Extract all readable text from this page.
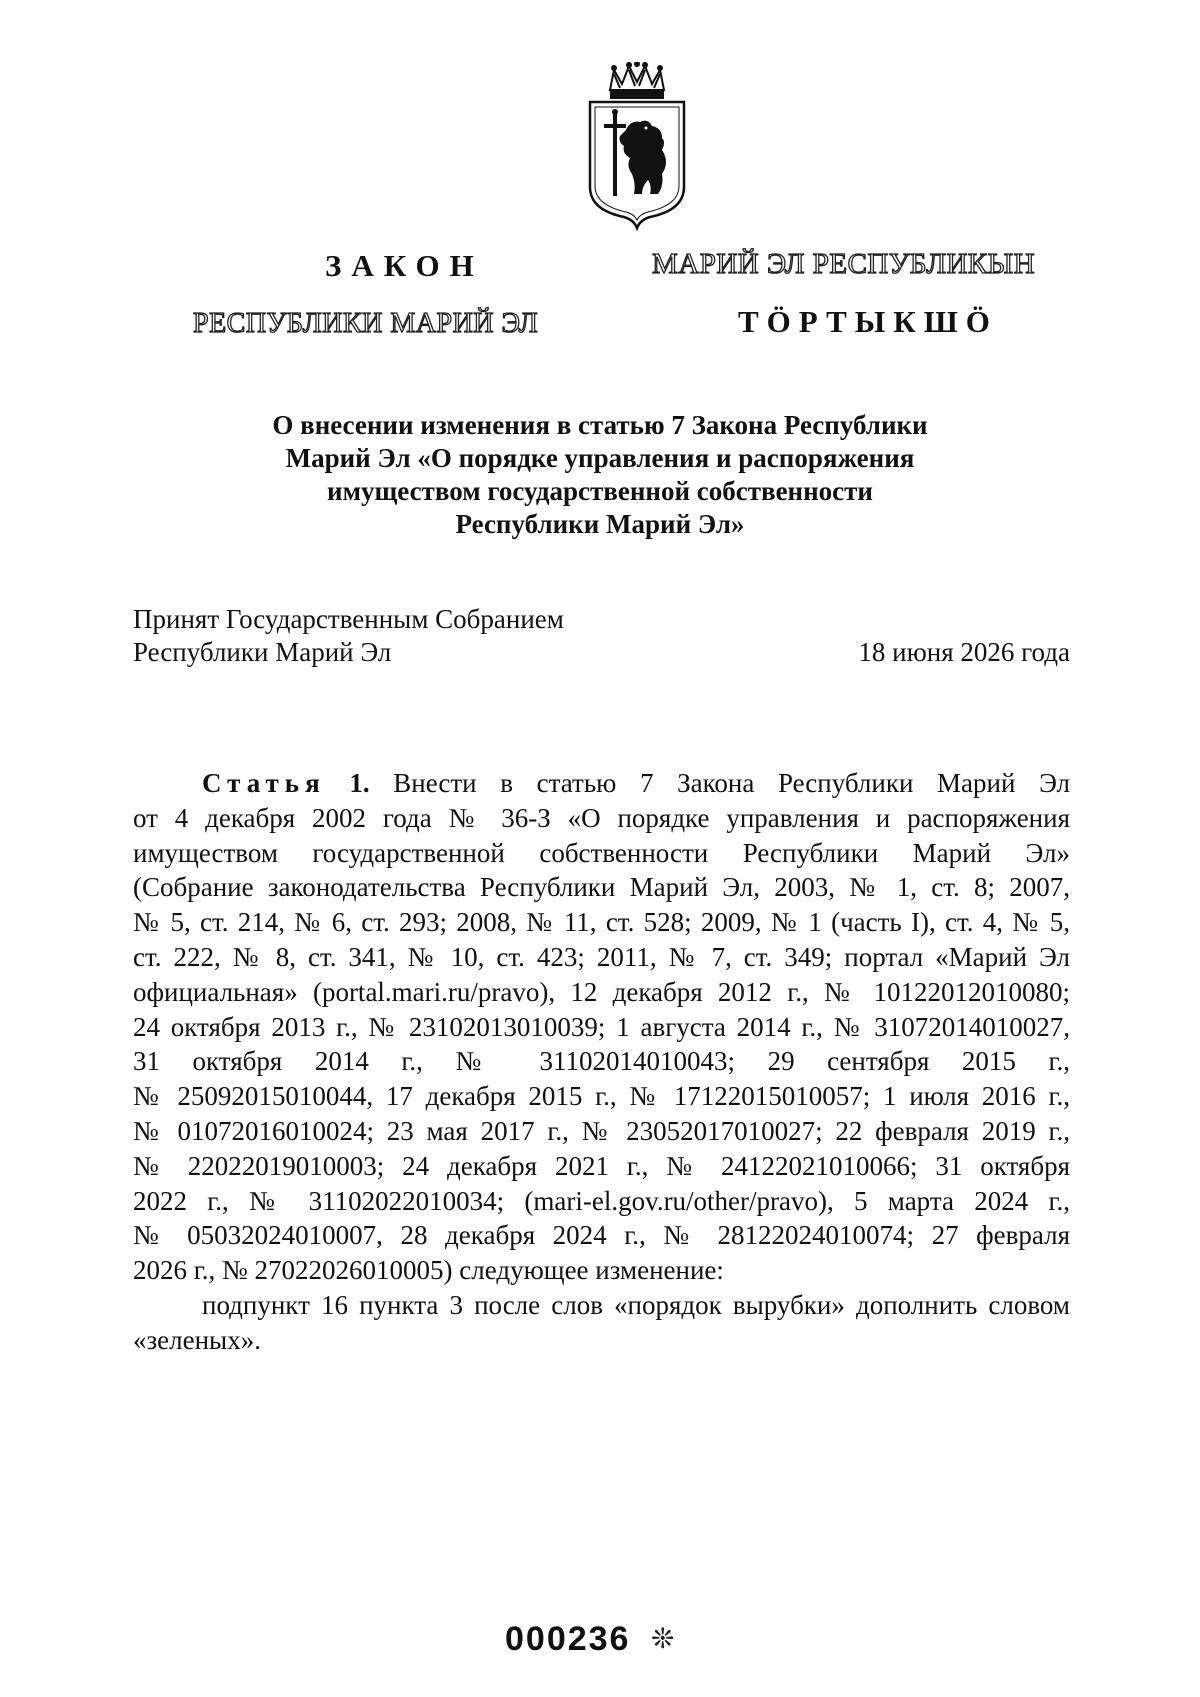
ЗАКОН	МАРИЙ ЭЛ РЕСПУБЛИКЫН
РЕСПУБЛИКИ МАРИЙ ЭЛ	ТӦРТЫКШӦ
О внесении изменения в статью 7 Закона Республики
Марий Эл «О порядке управления и распоряжения
имуществом государственной собственности
Республики Марий Эл»
Принят Государственным Собранием
Республики Марий Эл	18 июня 2026 года
Статья 1. Внести в статью 7 Закона Республики Марий Эл
от 4 декабря 2002 года № 36-З «О порядке управления и распоряжения
имуществом государственной собственности Республики Марий Эл»
(Собрание законодательства Республики Марий Эл, 2003, № 1, ст. 8; 2007,
№ 5, ст. 214, № 6, ст. 293; 2008, № 11, ст. 528; 2009, № 1 (часть I), ст. 4, № 5,
ст. 222, № 8, ст. 341, № 10, ст. 423; 2011, № 7, ст. 349; портал «Марий Эл
официальная» (portal.mari.ru/pravo), 12 декабря 2012 г., № 10122012010080;
24 октября 2013 г., № 23102013010039; 1 августа 2014 г., № 31072014010027,
31 октября 2014 г., № 31102014010043; 29 сентября 2015 г.,
№ 25092015010044, 17 декабря 2015 г., № 17122015010057; 1 июля 2016 г.,
№ 01072016010024; 23 мая 2017 г., № 23052017010027; 22 февраля 2019 г.,
№ 22022019010003; 24 декабря 2021 г., № 24122021010066; 31 октября
2022 г., № 31102022010034; (mari-el.gov.ru/other/pravo), 5 марта 2024 г.,
№ 05032024010007, 28 декабря 2024 г., № 28122024010074; 27 февраля
2026 г., № 27022026010005) следующее изменение:
подпункт 16 пункта 3 после слов «порядок вырубки» дополнить словом
«зеленых».
000236 ❊
